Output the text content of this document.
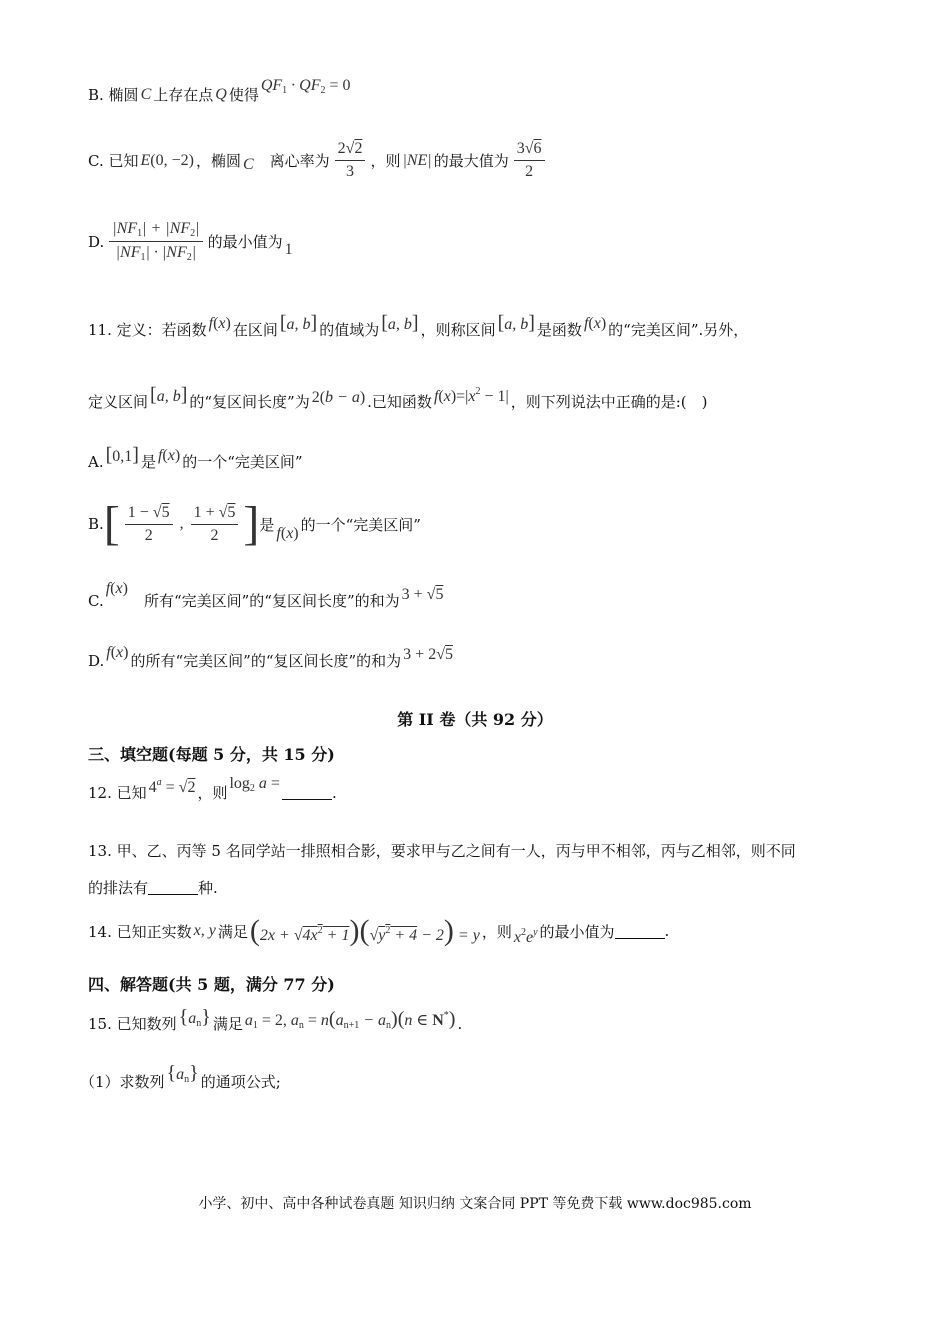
B. 椭圆 C 上存在点 Q 使得
$QF_1 \cdot QF_2 = 0$
C. 已知 E(0, −2) ，椭圆 C 离心率为 $\frac{2√2}{3}$ ，则 |NE| 的最大值为 $\frac{3√6}{2}$
D. $\frac{|NF_1| + |NF_2|}{|NF_1| \cdot |NF_2|}$ 的最小值为 1
11. 定义：若函数 f(x) 在区间 [a, b] 的值域为 [a, b] ，则称区间 [a, b] 是函数 f(x) 的“完美区间”.另外，
定义区间 [a, b] 的“复区间长度”为 2(b − a) .已知函数 $f(x)=|x^2 - 1|$ ，则下列说法中正确的是:(　)
A. [0,1] 是 f(x) 的一个“完美区间”
B. [ $\frac{1 - √5}{2}$ , $\frac{1 + √5}{2}$ ] 是 f(x) 的一个“完美区间”
C.
f(x)
所有“完美区间”的“复区间长度”的和为 3 + √5
D. f(x) 的所有“完美区间”的“复区间长度”的和为 3 + 2√5
第 II 卷（共 92 分）
三、填空题(每题 5 分，共 15 分)
12. 已知 $4^a = √2$ ，则
$\log_2 a$ =	.
13. 甲、乙、丙等 5 名同学站一排照相合影，要求甲与乙之间有一人，丙与甲不相邻，丙与乙相邻，则不同
的排法有	种.
14. 已知正实数 x, y 满足 $(2x + √4x^2 + 1)(√y^2 + 4 - 2) = y$ ，则 $x^2e^y$ 的最小值为	.
四、解答题(共 5 题，满分 77 分)
15. 已知数列 $\{a_n\}$ 满足 $a_1 = 2$, $a_n = n(a_{n+1} - a_n)(n$ ∈ N*) .
（1）求数列 $\{a_n\}$ 的通项公式;
小学、初中、高中各种试卷真题 知识归纳 文案合同 PPT 等免费下载 www.doc985.com
